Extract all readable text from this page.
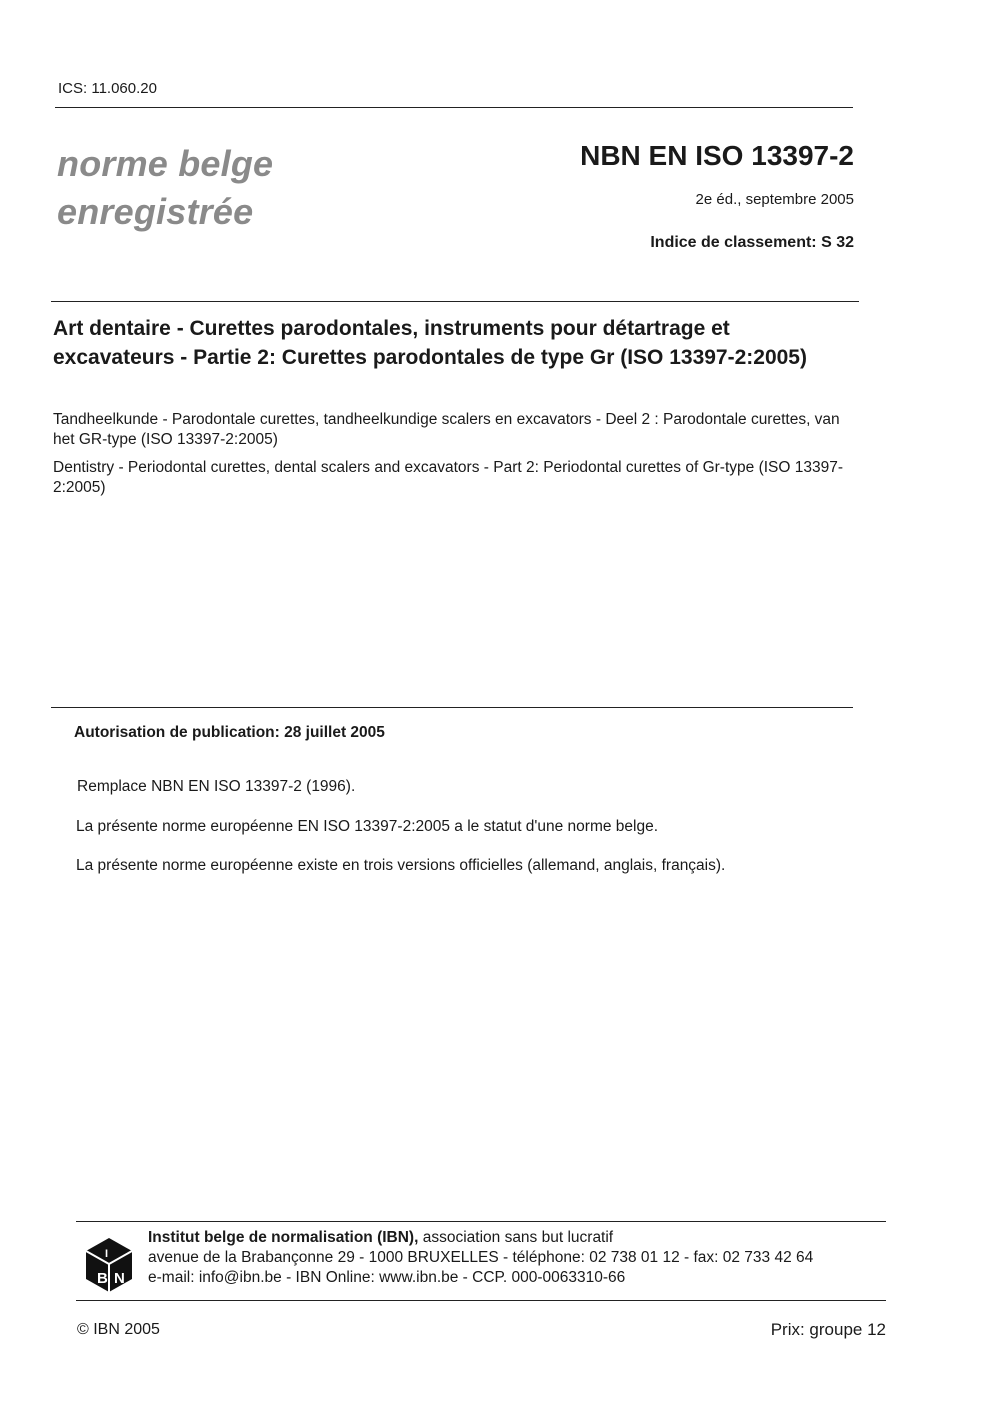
ICS: 11.060.20
norme belge
enregistrée
NBN EN ISO 13397-2
2e éd., septembre 2005
Indice de classement: S 32
Art dentaire - Curettes parodontales, instruments pour détartrage et excavateurs - Partie 2: Curettes parodontales de type Gr (ISO 13397-2:2005)
Tandheelkunde - Parodontale curettes, tandheelkundige scalers en excavators - Deel 2 : Parodontale curettes, van het GR-type (ISO 13397-2:2005)
Dentistry - Periodontal curettes, dental scalers and excavators - Part 2: Periodontal curettes of Gr-type (ISO 13397-2:2005)
Autorisation de publication: 28 juillet 2005
Remplace NBN EN ISO 13397-2 (1996).
La présente norme européenne EN ISO 13397-2:2005 a le statut d'une norme belge.
La présente norme européenne existe en trois versions officielles (allemand, anglais, français).
B N
I
Institut belge de normalisation (IBN), association sans but lucratif
avenue de la Brabançonne 29 - 1000 BRUXELLES - téléphone: 02 738 01 12 - fax: 02 733 42 64
e-mail: info@ibn.be - IBN Online: www.ibn.be - CCP. 000-0063310-66
© IBN 2005	Prix: groupe 12
